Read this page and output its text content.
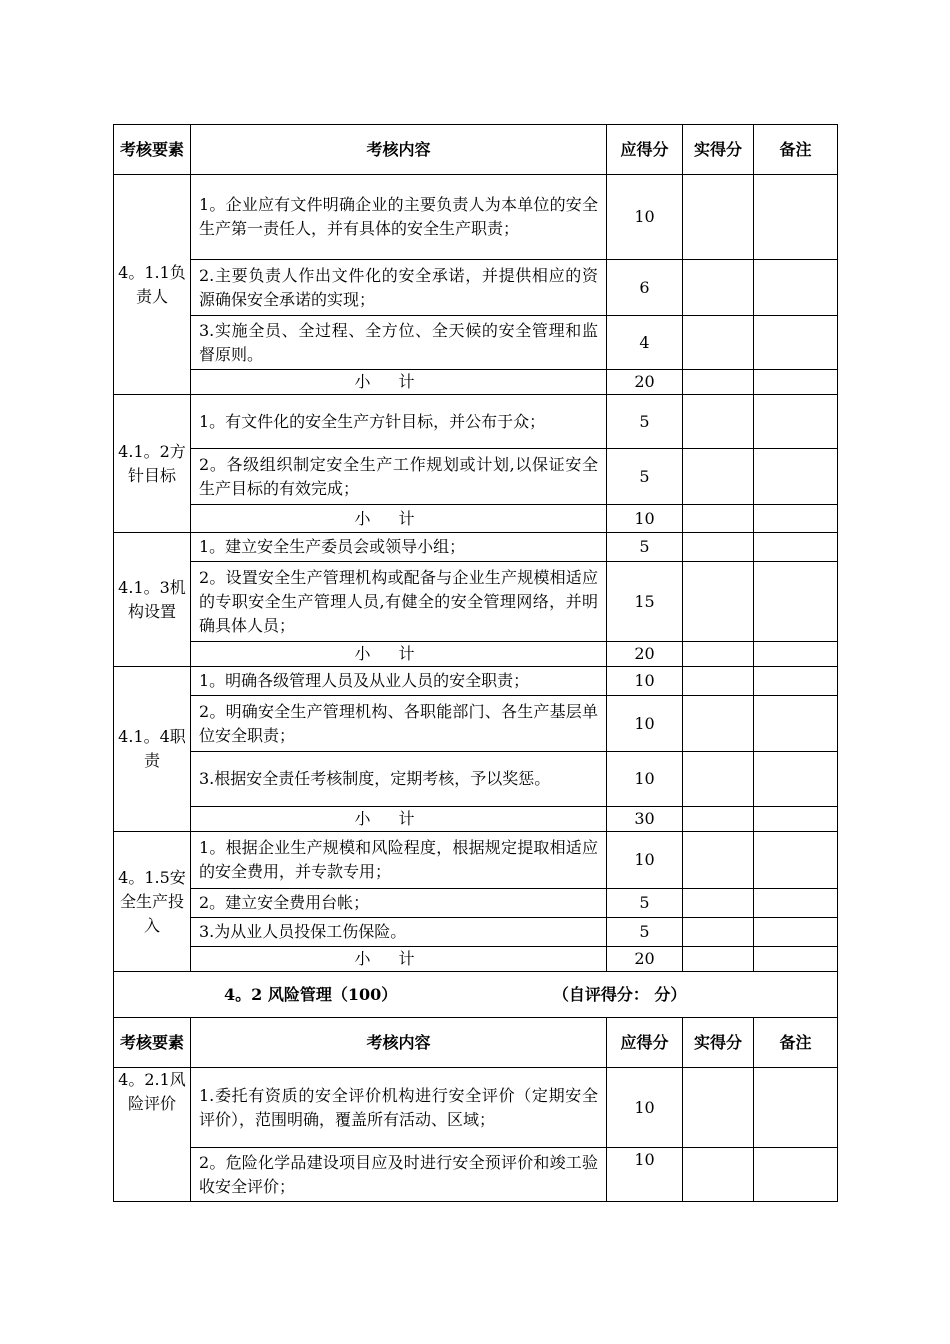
考核要素	考核内容	应得分	实得分	备注
4。1.1负责人	1。企业应有文件明确企业的主要负责人为本单位的安全生产第一责任人，并有具体的安全生产职责；	10		
	2.主要负责人作出文件化的安全承诺，并提供相应的资源确保安全承诺的实现；	6		
	3.实施全员、全过程、全方位、全天候的安全管理和监督原则。	4		
	小计	20		
4.1。2方针目标	1。有文件化的安全生产方针目标，并公布于众；	5		
	2。各级组织制定安全生产工作规划或计划,以保证安全生产目标的有效完成；	5		
	小计	10		
4.1。3机构设置	1。建立安全生产委员会或领导小组；	5		
	2。设置安全生产管理机构或配备与企业生产规模相适应的专职安全生产管理人员,有健全的安全管理网络，并明确具体人员；	15		
	小计	20		
4.1。4职责	1。明确各级管理人员及从业人员的安全职责；	10		
	2。明确安全生产管理机构、各职能部门、各生产基层单位安全职责；	10		
	3.根据安全责任考核制度，定期考核，予以奖惩。	10		
	小计	30		
4。1.5安全生产投入	1。根据企业生产规模和风险程度，根据规定提取相适应的安全费用，并专款专用；	10		
	2。建立安全费用台帐；	5		
	3.为从业人员投保工伤保险。	5		
	小计	20		
4。2 风险管理（100） （自评得分： 分）				
考核要素	考核内容	应得分	实得分	备注
4。2.1风险评价	1.委托有资质的安全评价机构进行安全评价（定期安全评价），范围明确，覆盖所有活动、区域；	10		
	2。危险化学品建设项目应及时进行安全预评价和竣工验收安全评价；	10		
